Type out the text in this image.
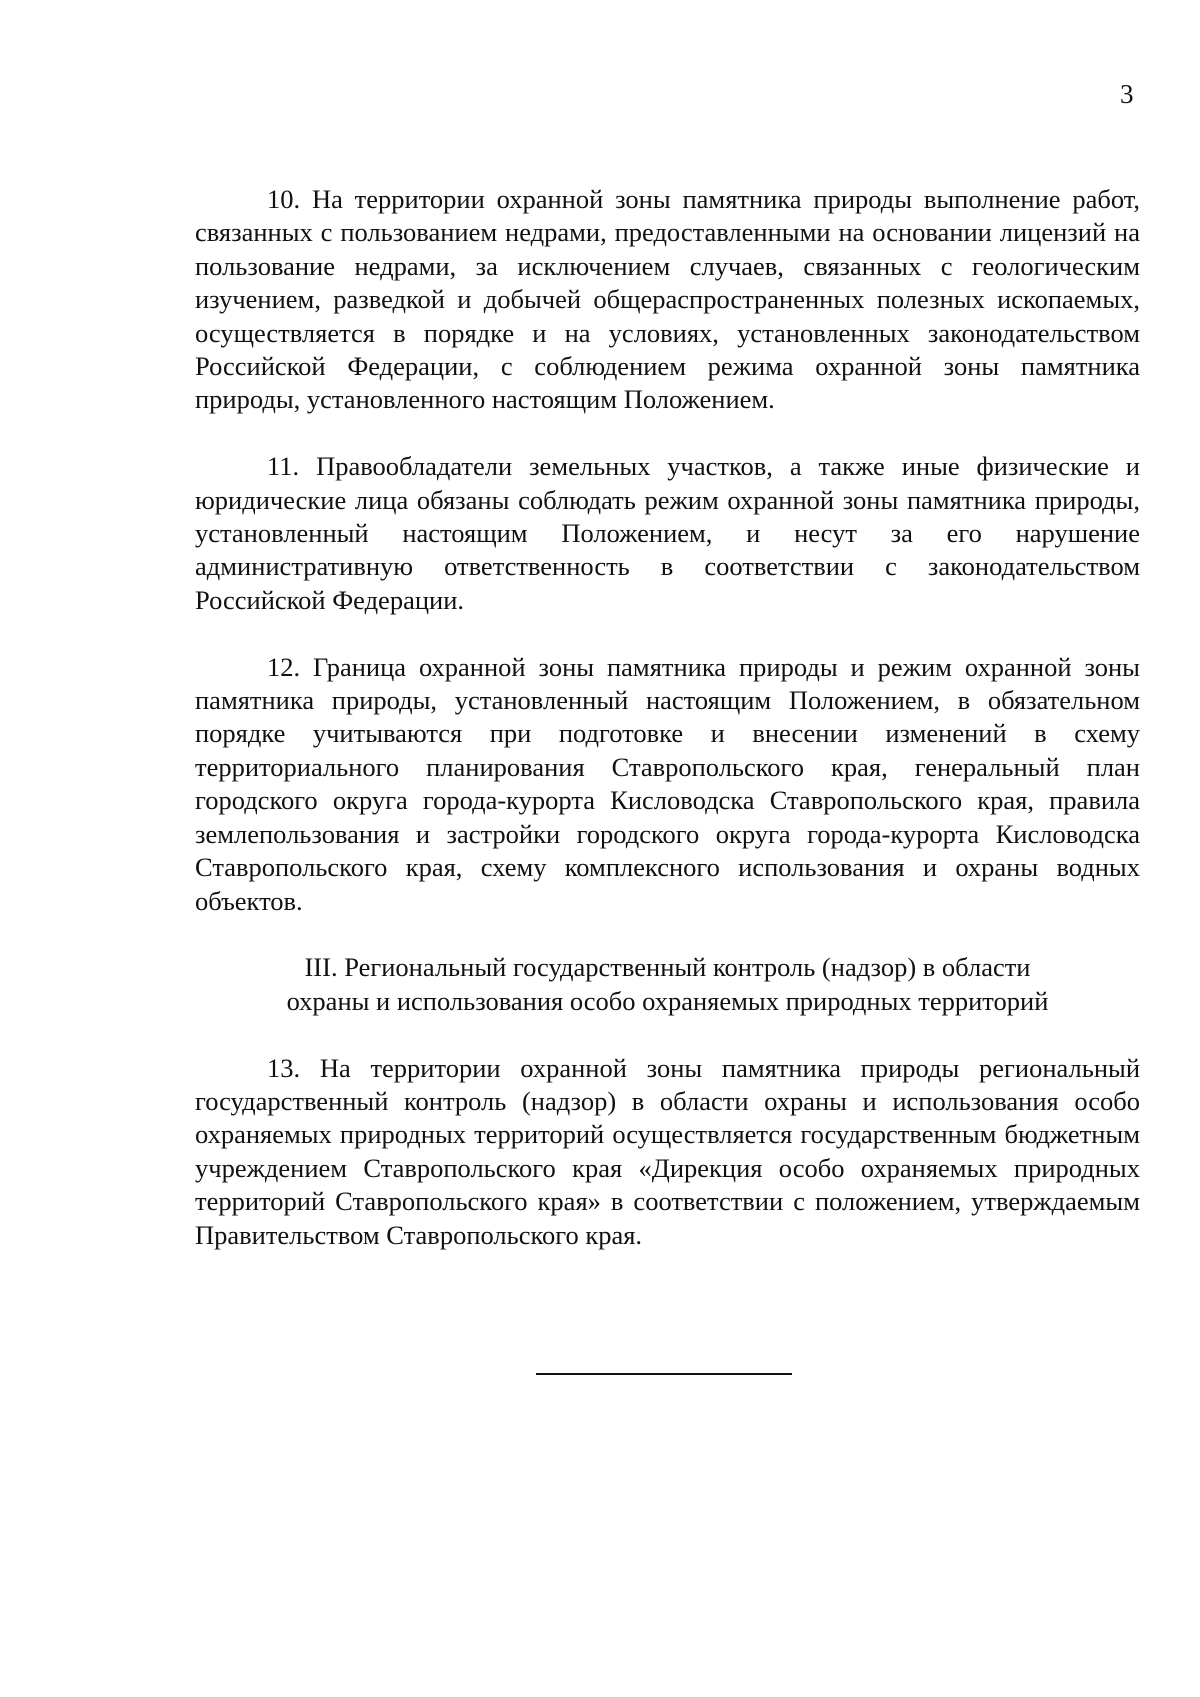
3

10. На территории охранной зоны памятника природы выполнение работ, связанных с пользованием недрами, предоставленными на основании лицензий на пользование недрами, за исключением случаев, связанных с геологическим изучением, разведкой и добычей общераспространенных полезных ископаемых, осуществляется в порядке и на условиях, установленных законодательством Российской Федерации, с соблюдением режима охранной зоны памятника природы, установленного настоящим Положением.

11. Правообладатели земельных участков, а также иные физические и юридические лица обязаны соблюдать режим охранной зоны памятника природы, установленный настоящим Положением, и несут за его нарушение административную ответственность в соответствии с законодательством Российской Федерации.

12. Граница охранной зоны памятника природы и режим охранной зоны памятника природы, установленный настоящим Положением, в обязательном порядке учитываются при подготовке и внесении изменений в схему территориального планирования Ставропольского края, генеральный план городского округа города-курорта Кисловодска Ставропольского края, правила землепользования и застройки городского округа города-курорта Кисловодска Ставропольского края, схему комплексного использования и охраны водных объектов.

III. Региональный государственный контроль (надзор) в области
охраны и использования особо охраняемых природных территорий

13. На территории охранной зоны памятника природы региональный государственный контроль (надзор) в области охраны и использования особо охраняемых природных территорий осуществляется государственным бюджетным учреждением Ставропольского края «Дирекция особо охраняемых природных территорий Ставропольского края» в соответствии с положением, утверждаемым Правительством Ставропольского края.
